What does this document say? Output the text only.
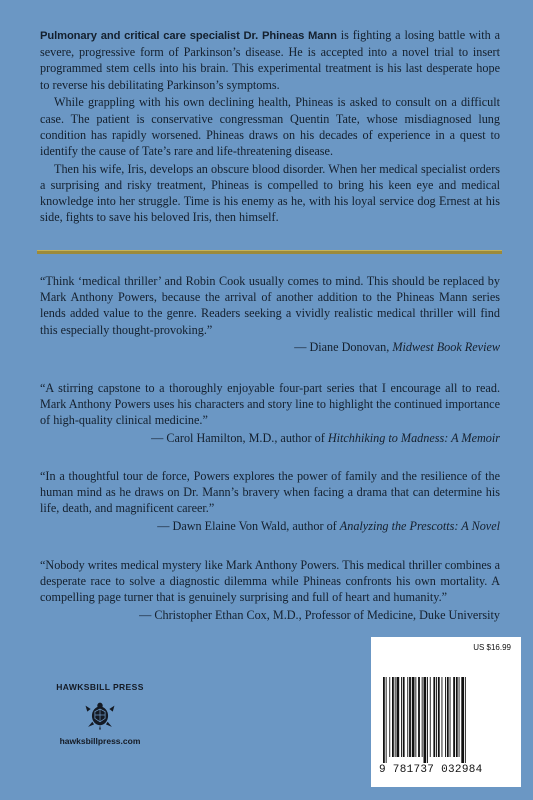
Pulmonary and critical care specialist Dr. Phineas Mann is fighting a losing battle with a severe, progressive form of Parkinson’s disease. He is accepted into a novel trial to insert programmed stem cells into his brain. This experimental treatment is his last desperate hope to reverse his debilitating Parkinson’s symptoms.

While grappling with his own declining health, Phineas is asked to consult on a difficult case. The patient is conservative congressman Quentin Tate, whose misdiagnosed lung condition has rapidly worsened. Phineas draws on his decades of experience in a quest to identify the cause of Tate’s rare and life-threatening disease.

Then his wife, Iris, develops an obscure blood disorder. When her medical specialist orders a surprising and risky treatment, Phineas is compelled to bring his keen eye and medical knowledge into her struggle. Time is his enemy as he, with his loyal service dog Ernest at his side, fights to save his beloved Iris, then himself.

“Think ‘medical thriller’ and Robin Cook usually comes to mind. This should be replaced by Mark Anthony Powers, because the arrival of another addition to the Phineas Mann series lends added value to the genre. Readers seeking a vividly realistic medical thriller will find this especially thought-provoking.”

— Diane Donovan, Midwest Book Review

“A stirring capstone to a thoroughly enjoyable four-part series that I encourage all to read. Mark Anthony Powers uses his characters and story line to highlight the continued importance of high-quality clinical medicine.”

— Carol Hamilton, M.D., author of Hitchhiking to Madness: A Memoir

“In a thoughtful tour de force, Powers explores the power of family and the resilience of the human mind as he draws on Dr. Mann’s bravery when facing a drama that can determine his life, death, and magnificent career.”

— Dawn Elaine Von Wald, author of Analyzing the Prescotts: A Novel

“Nobody writes medical mystery like Mark Anthony Powers. This medical thriller combines a desperate race to solve a diagnostic dilemma while Phineas confronts his own mortality. A compelling page turner that is genuinely surprising and full of heart and humanity.”

— Christopher Ethan Cox, M.D., Professor of Medicine, Duke University

HAWKSBILL PRESS
hawksbillpress.com
US $16.99
9 781737 032984
